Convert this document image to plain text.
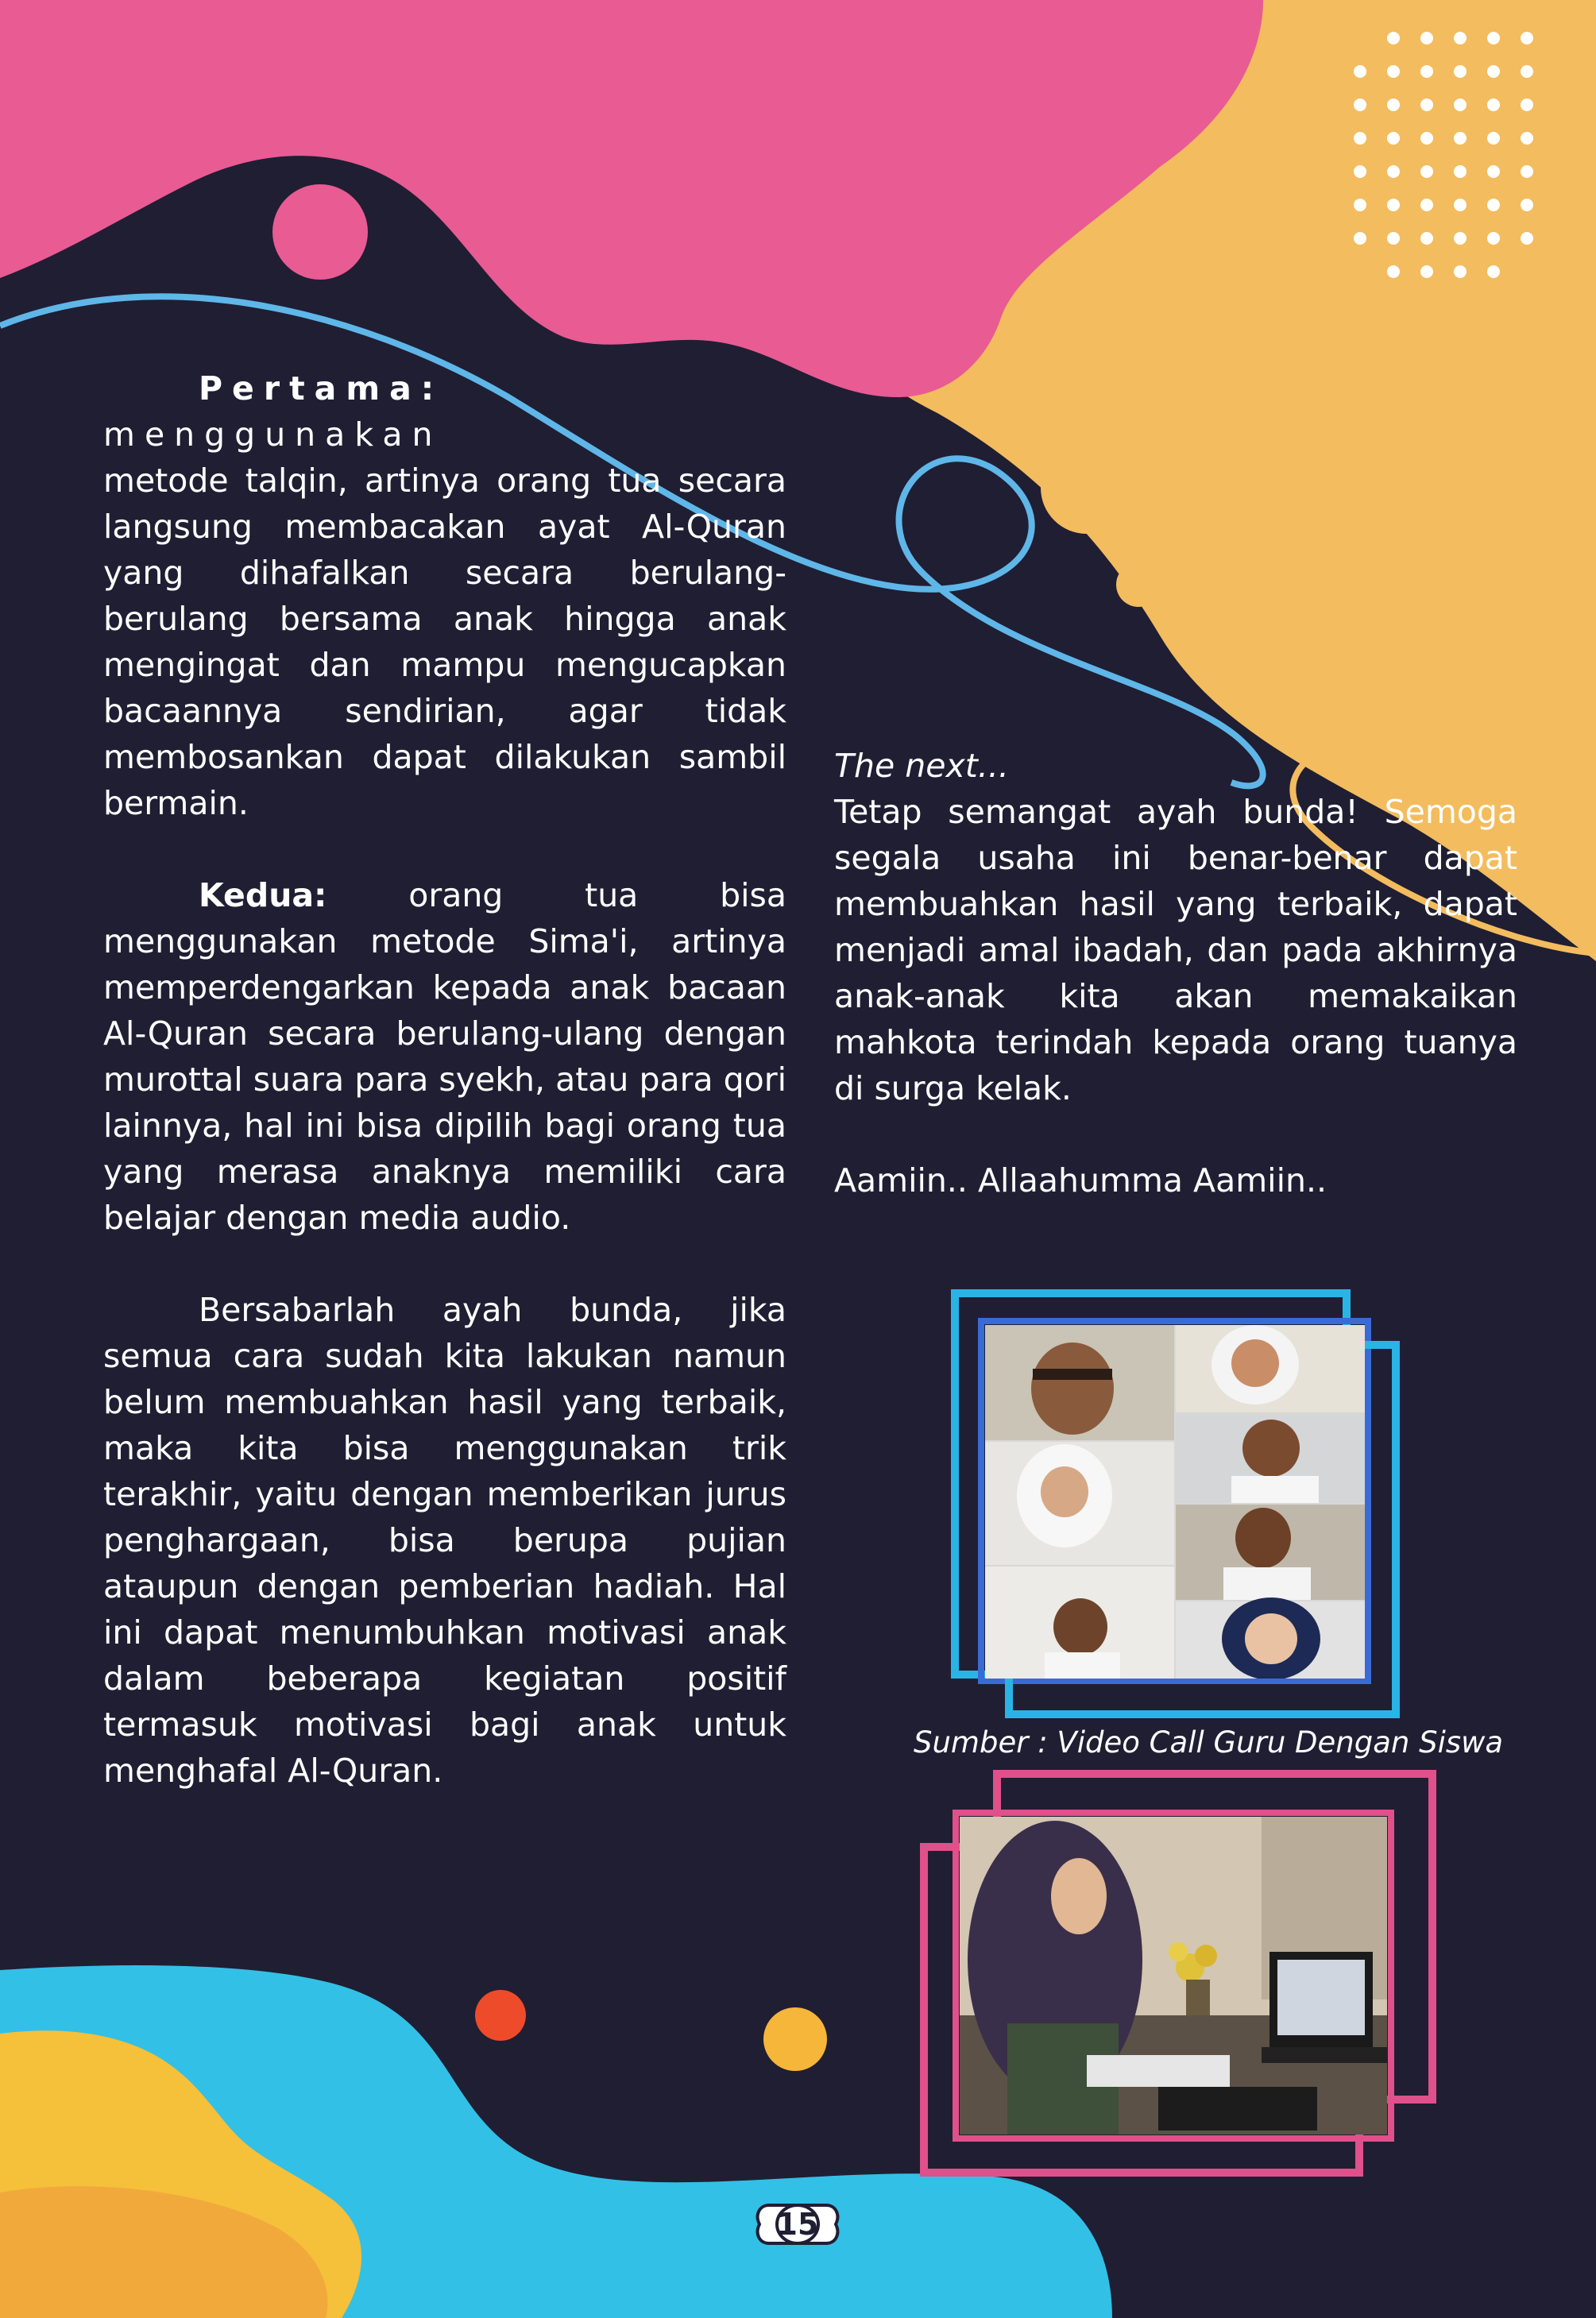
Pertama:

menggunakan

metode talqin, artinya orang tua secara langsung membacakan ayat Al-Quran yang dihafalkan secara berulang-berulang bersama anak hingga anak mengingat dan mampu mengucapkan bacaannya sendirian, agar tidak membosankan dapat dilakukan sambil bermain.

Kedua: orang tua bisa menggunakan metode Sima'i, artinya memperdengarkan kepada anak bacaan Al-Quran secara berulang-ulang dengan murottal suara para syekh, atau para qori lainnya, hal ini bisa dipilih bagi orang tua yang merasa anaknya memiliki cara belajar dengan media audio.

Bersabarlah ayah bunda, jika semua cara sudah kita lakukan namun belum membuahkan hasil yang terbaik, maka kita bisa menggunakan trik terakhir, yaitu dengan memberikan jurus penghargaan, bisa berupa pujian ataupun dengan pemberian hadiah. Hal ini dapat menumbuhkan motivasi anak dalam beberapa kegiatan positif termasuk motivasi bagi anak untuk menghafal Al-Quran.

The next...

Tetap semangat ayah bunda! Semoga segala usaha ini benar-benar dapat membuahkan hasil yang terbaik, dapat menjadi amal ibadah, dan pada akhirnya anak-anak kita akan memakaikan mahkota terindah kepada orang tuanya di surga kelak.

Aamiin.. Allaahumma Aamiin..

Sumber : Video Call Guru Dengan Siswa
15
